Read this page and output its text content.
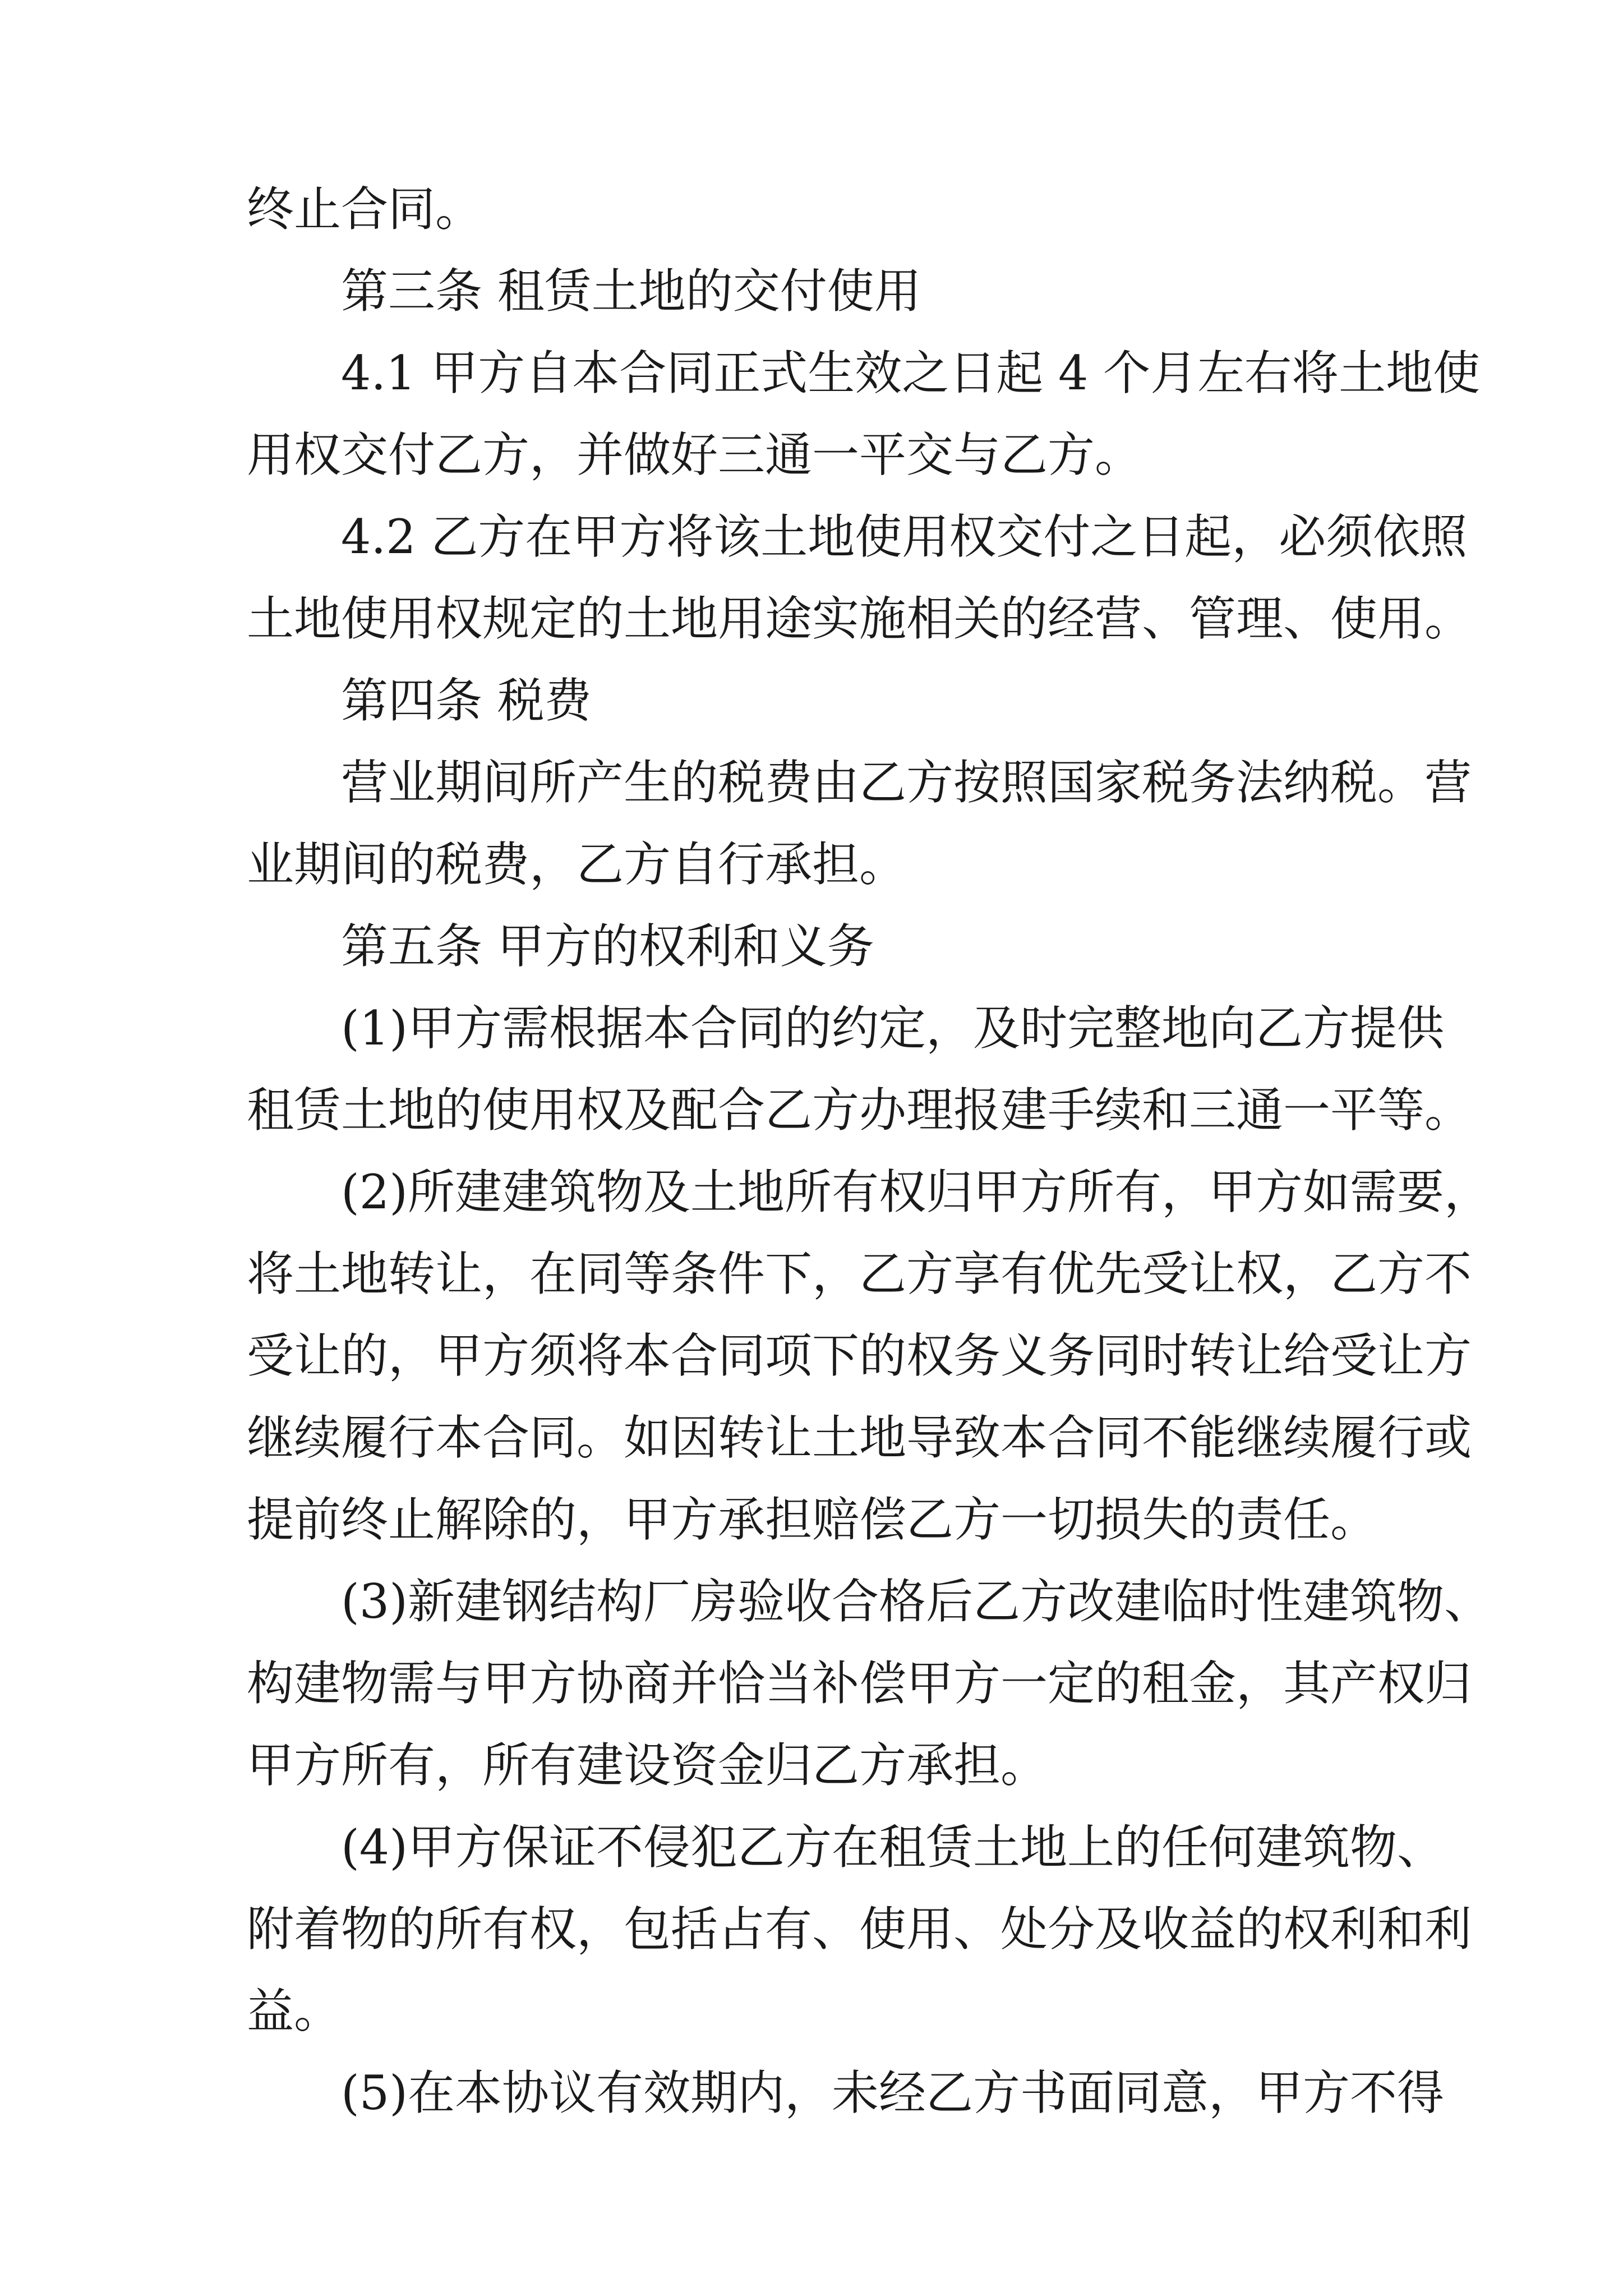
终止合同。
第三条 租赁土地的交付使用
4.1 甲方自本合同正式生效之日起 4 个月左右将土地使
用权交付乙方，并做好三通一平交与乙方。
4.2 乙方在甲方将该土地使用权交付之日起，必须依照
土地使用权规定的土地用途实施相关的经营、管理、使用。
第四条 税费
营业期间所产生的税费由乙方按照国家税务法纳税。营
业期间的税费，乙方自行承担。
第五条 甲方的权利和义务
(1)甲方需根据本合同的约定，及时完整地向乙方提供
租赁土地的使用权及配合乙方办理报建手续和三通一平等。
(2)所建建筑物及土地所有权归甲方所有，甲方如需要，
将土地转让，在同等条件下，乙方享有优先受让权，乙方不
受让的，甲方须将本合同项下的权务义务同时转让给受让方
继续履行本合同。如因转让土地导致本合同不能继续履行或
提前终止解除的，甲方承担赔偿乙方一切损失的责任。
(3)新建钢结构厂房验收合格后乙方改建临时性建筑物、
构建物需与甲方协商并恰当补偿甲方一定的租金，其产权归
甲方所有，所有建设资金归乙方承担。
(4)甲方保证不侵犯乙方在租赁土地上的任何建筑物、
附着物的所有权，包括占有、使用、处分及收益的权利和利
益。
(5)在本协议有效期内，未经乙方书面同意，甲方不得
